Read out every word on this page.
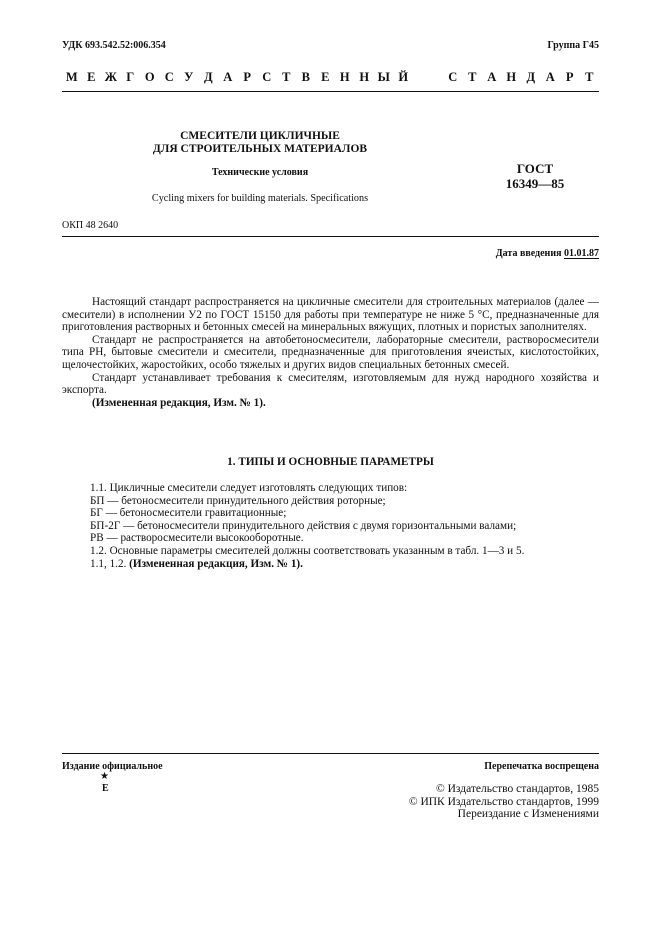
УДК 693.542.52:006.354	Группа Г45
М Е Ж Г О С У Д А Р С Т В Е Н Н Ы Й	С Т А Н Д А Р Т
СМЕСИТЕЛИ ЦИКЛИЧНЫЕ
ДЛЯ СТРОИТЕЛЬНЫХ МАТЕРИАЛОВ
Технические условия
Cycling mixers for building materials. Specifications
ГОСТ
16349—85
ОКП 48 2640
Дата введения 01.01.87

Настоящий стандарт распространяется на цикличные смесители для строительных материалов (далее — смесители) в исполнении У2 по ГОСТ 15150 для работы при температуре не ниже 5 °С, предназначенные для приготовления растворных и бетонных смесей на минеральных вяжущих, плотных и пористых заполнителях.

Стандарт не распространяется на автобетоносмесители, лабораторные смесители, растворосмесители типа РН, бытовые смесители и смесители, предназначенные для приготовления ячеистых, кислотостойких, щелочестойких, жаростойких, особо тяжелых и других видов специальных бетонных смесей.

Стандарт устанавливает требования к смесителям, изготовляемым для нужд народного хозяйства и экспорта.

(Измененная редакция, Изм. № 1).

1. ТИПЫ И ОСНОВНЫЕ ПАРАМЕТРЫ
1.1. Цикличные смесители следует изготовлять следующих типов:
БП — бетоносмесители принудительного действия роторные;
БГ — бетоносмесители гравитационные;
БП-2Г — бетоносмесители принудительного действия с двумя горизонтальными валами;
РВ — растворосмесители высокооборотные.
1.2. Основные параметры смесителей должны соответствовать указанным в табл. 1—3 и 5.
1.1, 1.2. (Измененная редакция, Изм. № 1).
Издание официальное
★
Е
Перепечатка воспрещена
© Издательство стандартов, 1985
© ИПК Издательство стандартов, 1999
Переиздание с Изменениями
